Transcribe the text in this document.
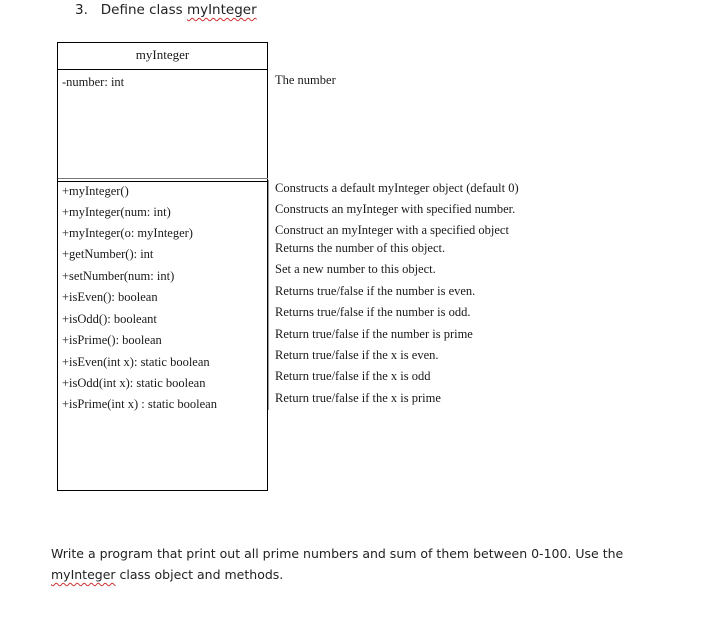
3. Define class myInteger
myInteger
-number: int
+myInteger()
+myInteger(num: int)
+myInteger(o: myInteger)
+getNumber(): int
+setNumber(num: int)
+isEven(): boolean
+isOdd(): booleant
+isPrime(): boolean
+isEven(int x): static boolean
+isOdd(int x): static boolean
+isPrime(int x) : static boolean
The number
Constructs a default myInteger object (default 0)
Constructs an myInteger with specified number.
Construct an myInteger with a specified object
Returns the number of this object.
Set a new number to this object.
Returns true/false if the number is even.
Returns true/false if the number is odd.
Return true/false if the number is prime
Return true/false if the x is even.
Return true/false if the x is odd
Return true/false if the x is prime
Write a program that print out all prime numbers and sum of them between 0-100. Use the myInteger class object and methods.
